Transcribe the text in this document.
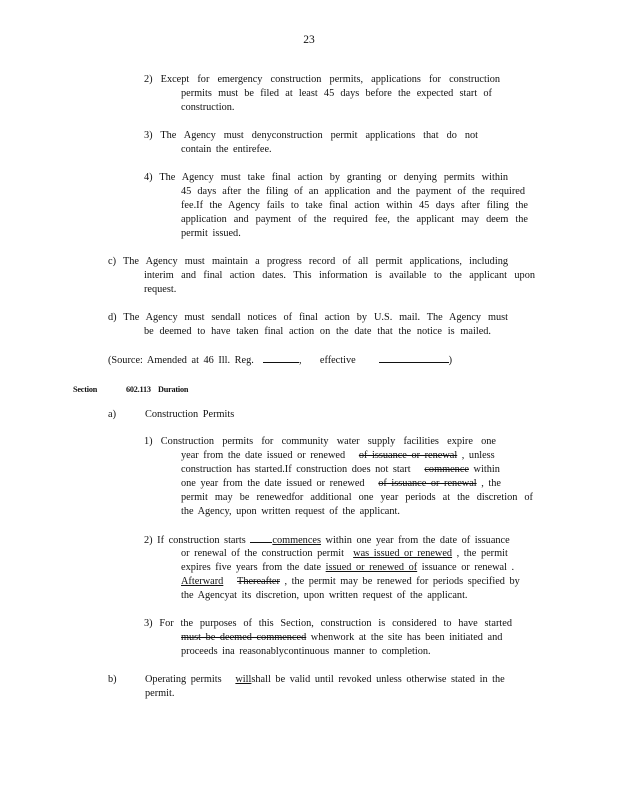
23
2) Except for emergency construction permits, applications for construction
permits must be filed at least 45 days before the expected start of
construction.
3) The Agency must denyconstruction permit applications that do not
contain the entirefee.
4) The Agency must take final action by granting or denying permits within
45 days after the filing of an application and the payment of the required
fee.If the Agency fails to take final action within 45 days after filing the
application and payment of the required fee, the applicant may deem the
permit issued.
c) The Agency must maintain a progress record of all permit applications, including
interim and final action dates. This information is available to the applicant upon
request.
d) The Agency must sendall notices of final action by U.S. mail. The Agency must
be deemed to have taken final action on the date that the notice is mailed.
(Source: Amended at 46 Ill. Reg.	, effective	)
Section	602.113 Duration
a)	Construction Permits
1) Construction permits for community water supply facilities expire one
year from the date issued or renewed of issuance or renewal , unless
construction has started.If construction does not start commence within
one year from the date issued or renewed of issuance or renewal , the
permit may be renewedfor additional one year periods at the discretion of
the Agency, upon written request of the applicant.
2) If construction starts	commences within one year from the date of issuance
or renewal of the construction permit was issued or renewed , the permit
expires five years from the date issued or renewed of issuance or renewal .
Afterward Thereafter , the permit may be renewed for periods specified by
the Agencyat its discretion, upon written request of the applicant.
3) For the purposes of this Section, construction is considered to have started
must be deemed commenced whenwork at the site has been initiated and
proceeds ina reasonablycontinuous manner to completion.
b)	Operating permits willshall be valid until revoked unless otherwise stated in the
permit.
